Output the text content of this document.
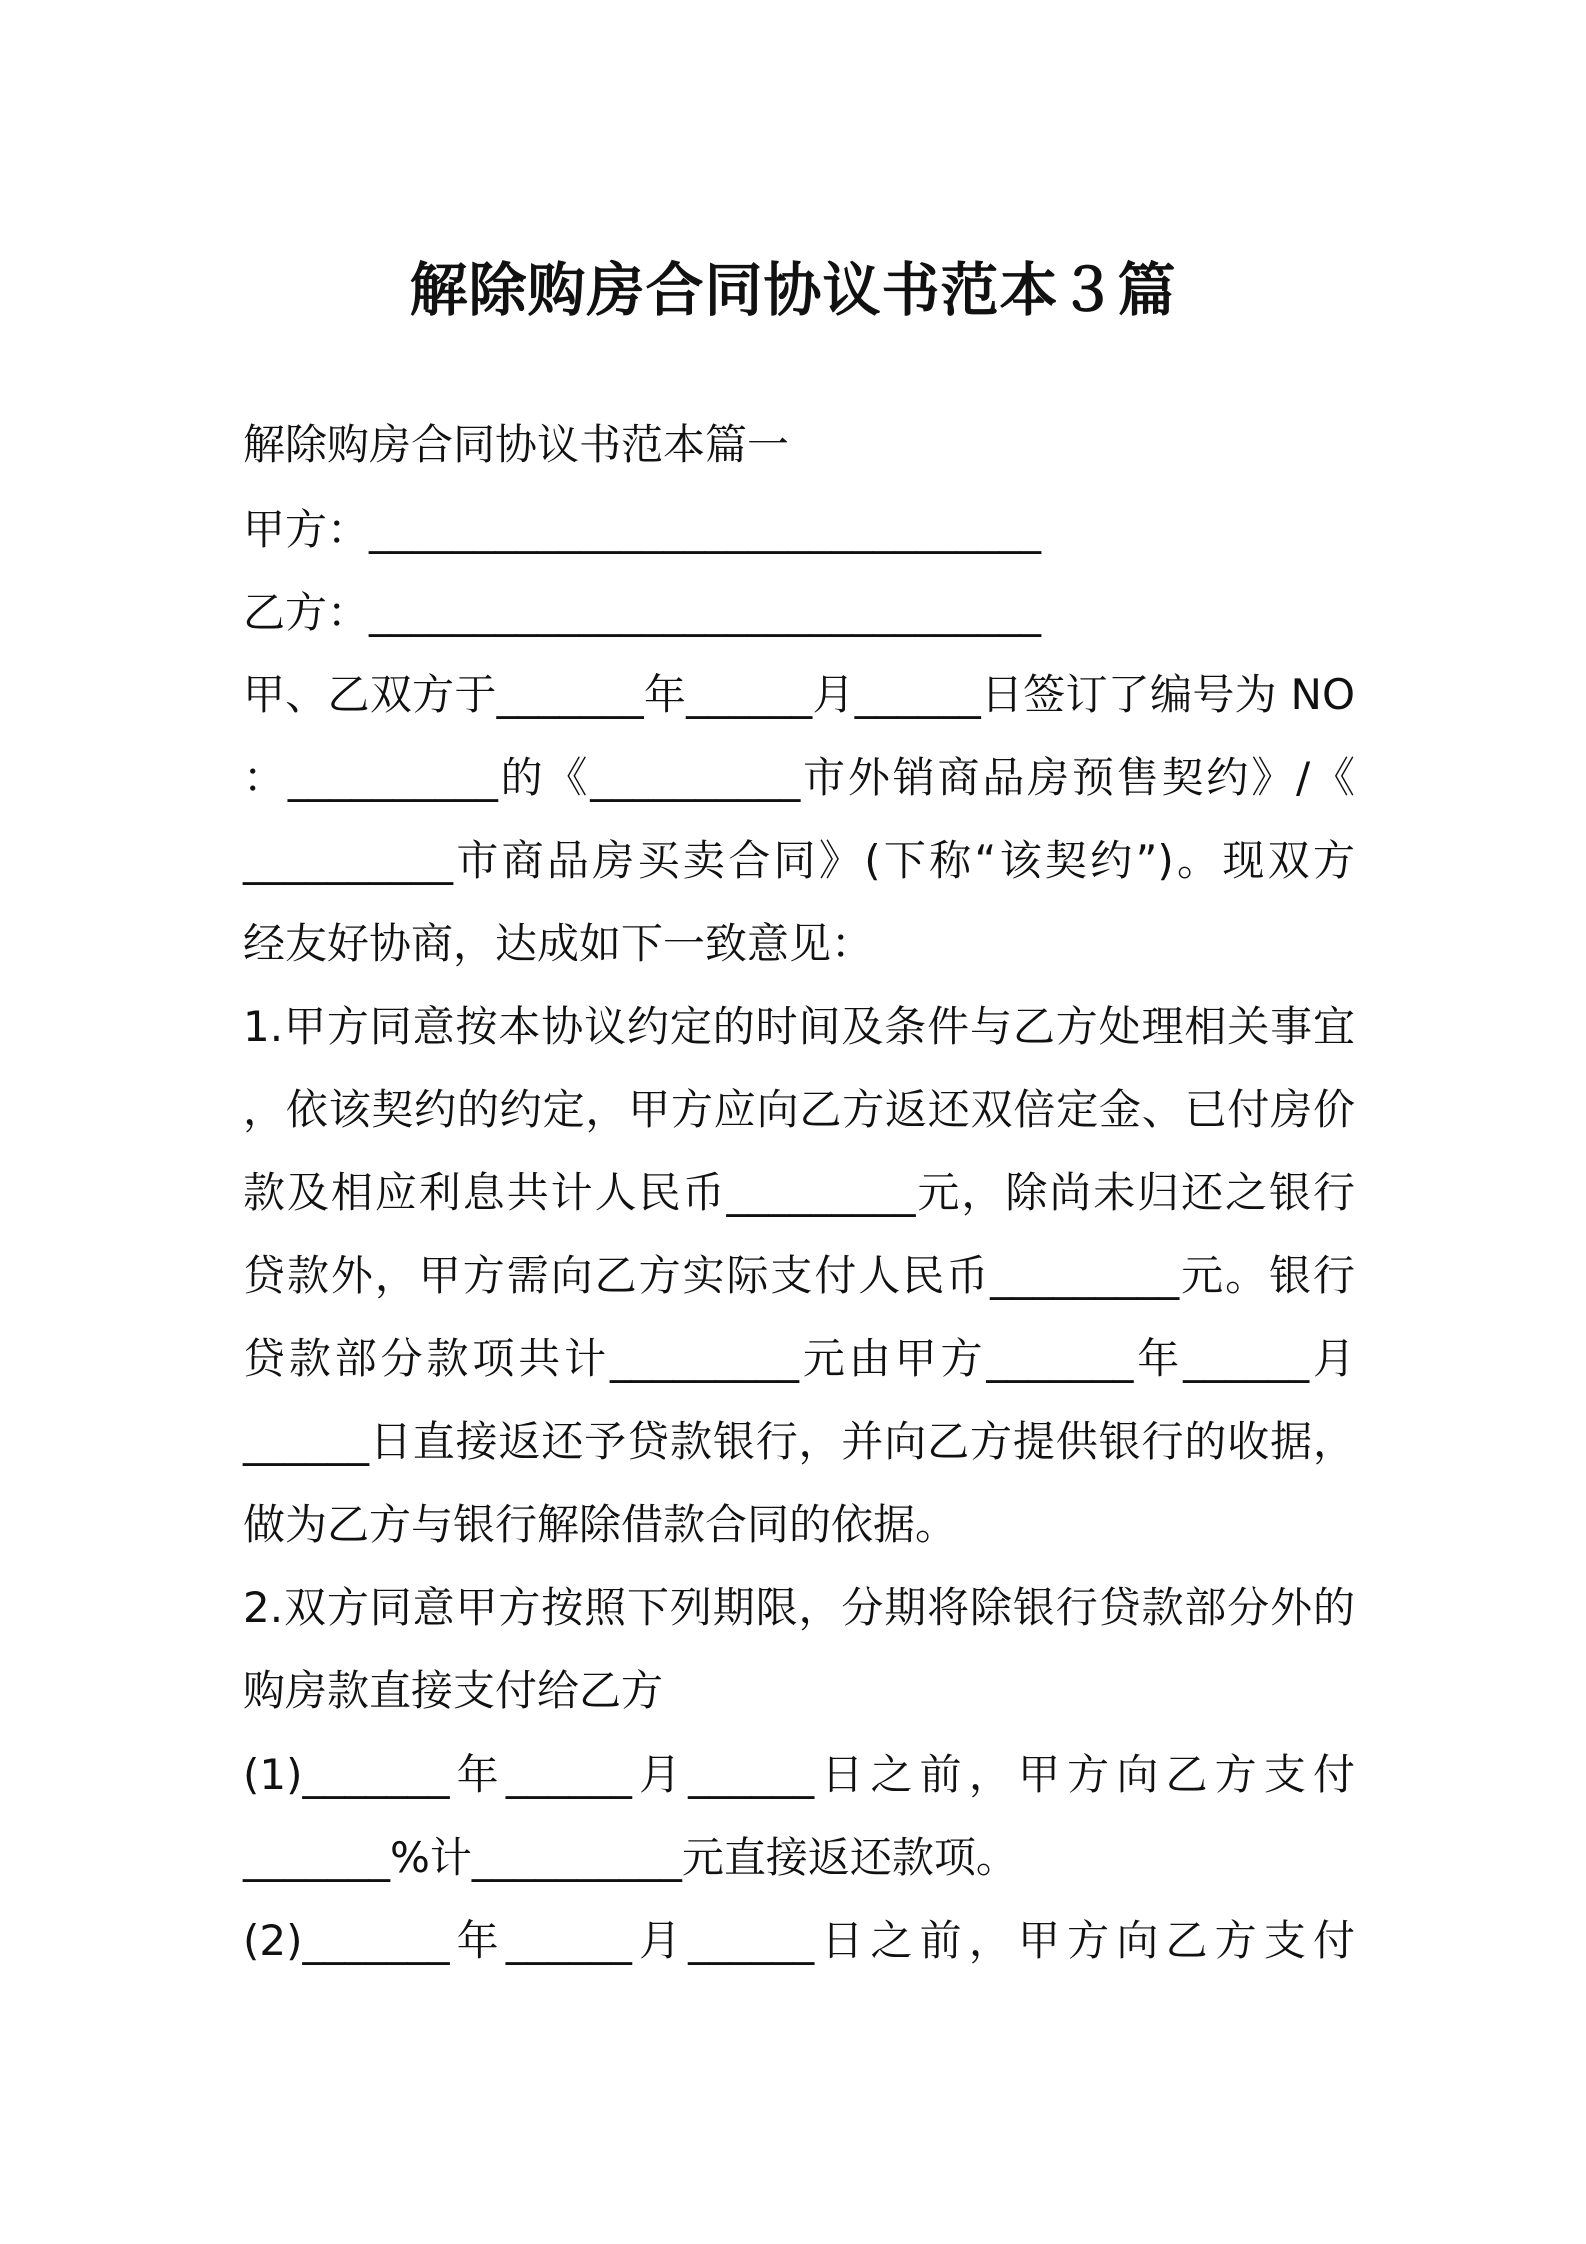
解除购房合同协议书范本３篇
解除购房合同协议书范本篇一
甲方：________________________________
乙方：________________________________
甲、乙双方于_______年______月______日签订了编号为 NO
：__________的《__________市外销商品房预售契约》/《
__________市商品房买卖合同》(下称“该契约”)。现双方
经友好协商，达成如下一致意见：
1.甲方同意按本协议约定的时间及条件与乙方处理相关事宜
，依该契约的约定，甲方应向乙方返还双倍定金、已付房价
款及相应利息共计人民币_________元，除尚未归还之银行
贷款外，甲方需向乙方实际支付人民币_________元。银行
贷款部分款项共计_________元由甲方_______年______月
______日直接返还予贷款银行，并向乙方提供银行的收据，
做为乙方与银行解除借款合同的依据。
2.双方同意甲方按照下列期限，分期将除银行贷款部分外的
购房款直接支付给乙方
(1)_______年______月______日之前，甲方向乙方支付
_______%计__________元直接返还款项。
(2)_______年______月______日之前，甲方向乙方支付
